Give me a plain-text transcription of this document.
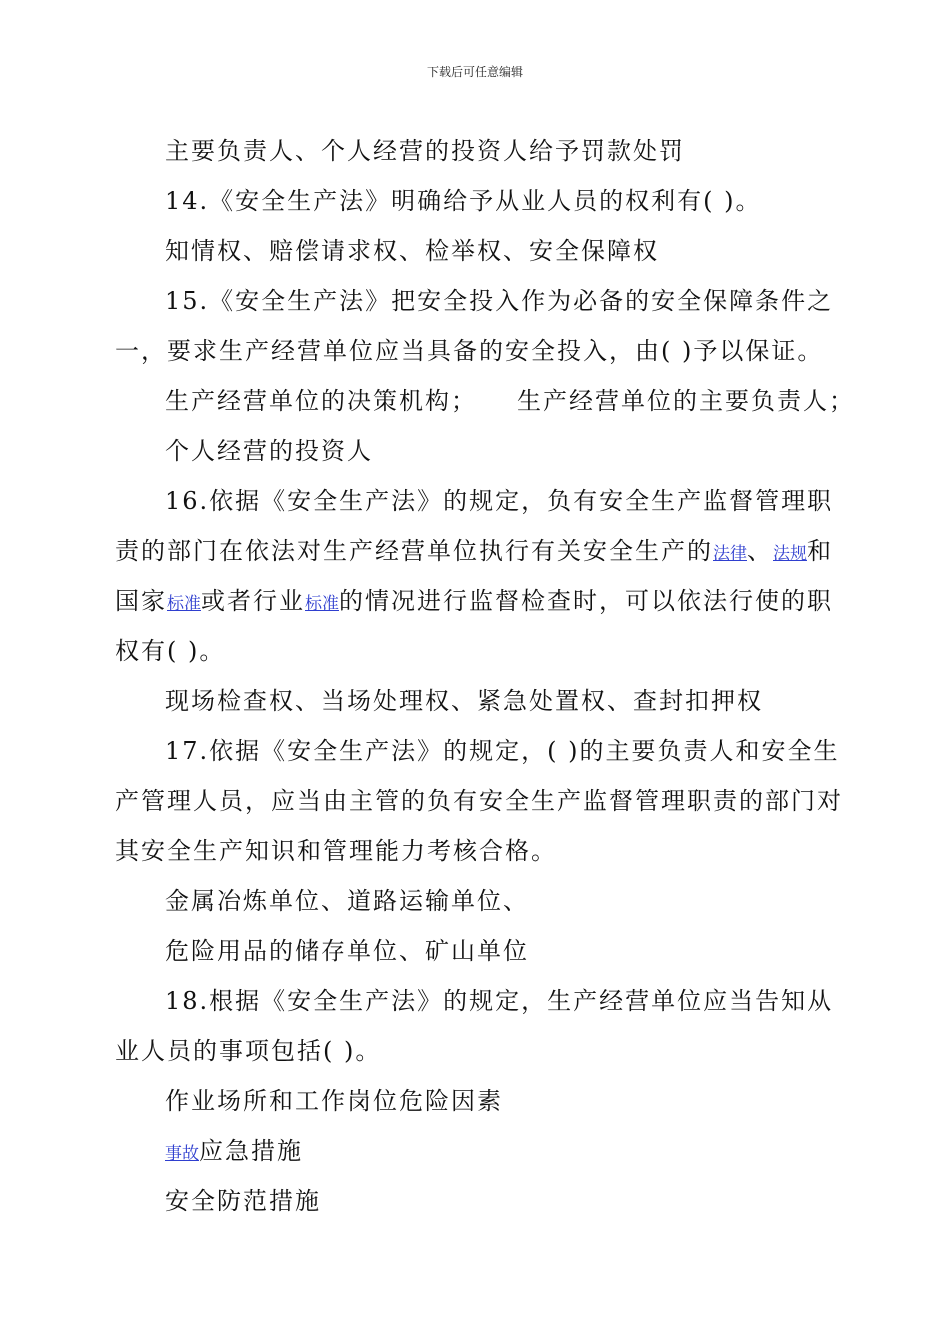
下载后可任意编辑
主要负责人、个人经营的投资人给予罚款处罚
14.《安全生产法》明确给予从业人员的权利有( )。
知情权、赔偿请求权、检举权、安全保障权
15.《安全生产法》把安全投入作为必备的安全保障条件之
一，要求生产经营单位应当具备的安全投入，由( )予以保证。
生产经营单位的决策机构； 生产经营单位的主要负责人；
个人经营的投资人
16.依据《安全生产法》的规定，负有安全生产监督管理职
责的部门在依法对生产经营单位执行有关安全生产的法律、法规和
国家标准或者行业标准的情况进行监督检查时，可以依法行使的职
权有( )。
现场检查权、当场处理权、紧急处置权、查封扣押权
17.依据《安全生产法》的规定，( )的主要负责人和安全生
产管理人员，应当由主管的负有安全生产监督管理职责的部门对
其安全生产知识和管理能力考核合格。
金属冶炼单位、道路运输单位、
危险用品的储存单位、矿山单位
18.根据《安全生产法》的规定，生产经营单位应当告知从
业人员的事项包括( )。
作业场所和工作岗位危险因素
事故应急措施
安全防范措施
